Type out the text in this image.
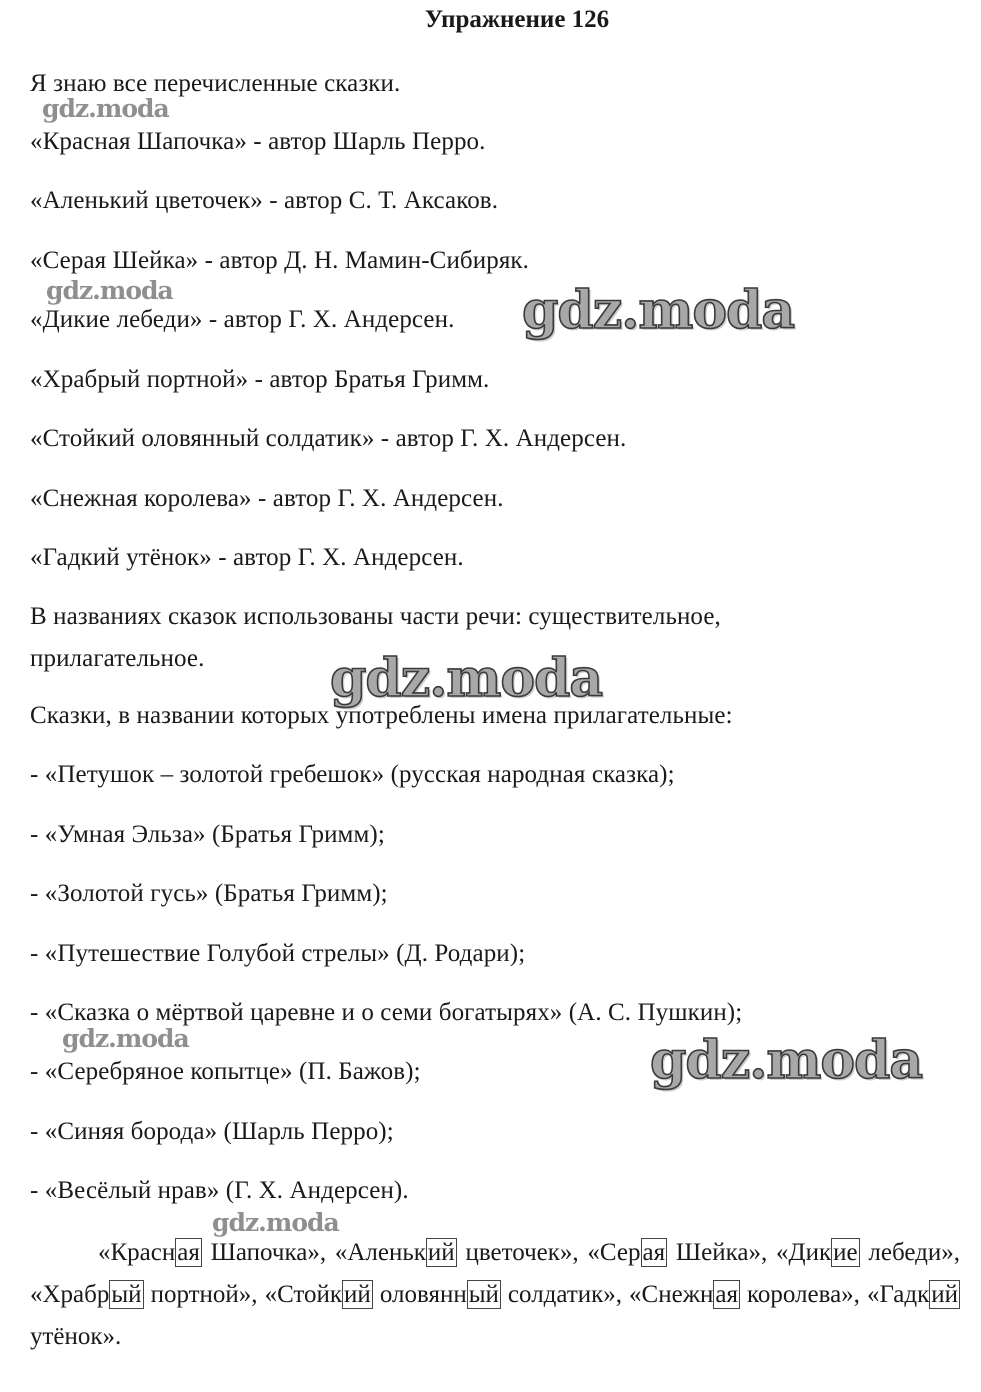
Упражнение 126
Я знаю все перечисленные сказки.
«Красная Шапочка» - автор Шарль Перро.
«Аленький цветочек» - автор С. Т. Аксаков.
«Серая Шейка» - автор Д. Н. Мамин-Сибиряк.
«Дикие лебеди» - автор Г. Х. Андерсен.
«Храбрый портной» - автор Братья Гримм.
«Стойкий оловянный солдатик» - автор Г. Х. Андерсен.
«Снежная королева» - автор Г. Х. Андерсен.
«Гадкий утёнок» - автор Г. Х. Андерсен.
В названиях сказок использованы части речи: существительное,
прилагательное.
Сказки, в названии которых употреблены имена прилагательные:
- «Петушок – золотой гребешок» (русская народная сказка);
- «Умная Эльза» (Братья Гримм);
- «Золотой гусь» (Братья Гримм);
- «Путешествие Голубой стрелы» (Д. Родари);
- «Сказка о мёртвой царевне и о семи богатырях» (А. С. Пушкин);
- «Серебряное копытце» (П. Бажов);
- «Синяя борода» (Шарль Перро);
- «Весёлый нрав» (Г. Х. Андерсен).
«Красная Шапочка», «Аленький цветочек», «Серая Шейка», «Дикие лебеди», «Храбрый портной», «Стойкий оловянный солдатик», «Снежная королева», «Гадкий утёнок».
gdz.moda
gdz.moda	gdz.moda
gdz.moda
gdz.moda	gdz.moda
gdz.moda
